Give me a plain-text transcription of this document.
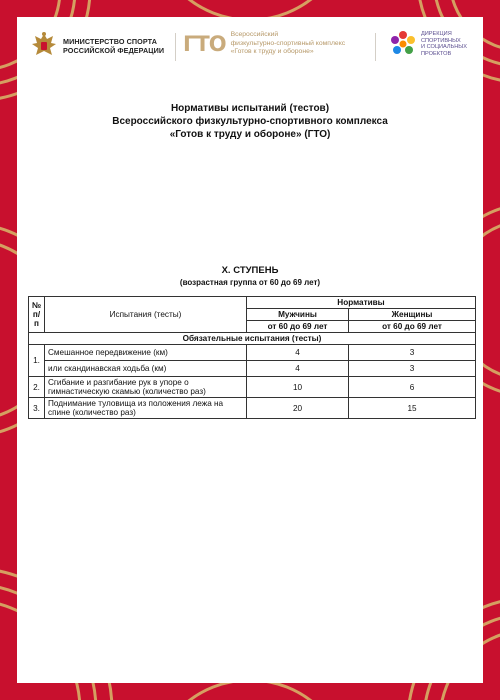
МИНИСТЕРСТВО СПОРТА
РОССИЙСКОЙ ФЕДЕРАЦИИ ГТО Всероссийский
физкультурно-спортивный комплекс
«Готов к труду и обороне»
ДИРЕКЦИЯ
СПОРТИВНЫХ
И СОЦИАЛЬНЫХ
ПРОЕКТОВ
Нормативы испытаний (тестов)
Всероссийского физкультурно-спортивного комплекса
«Готов к труду и обороне» (ГТО)
X. СТУПЕНЬ
(возрастная группа от 60 до 69 лет)
№ п/п	Испытания (тесты)	Нормативы	
		Мужчины	Женщины
		от 60 до 69 лет	от 60 до 69 лет
Обязательные испытания (тесты)			
1.	Смешанное передвижение (км)	4	3
	или скандинавская ходьба (км)	4	3
2.	Сгибание и разгибание рук в упоре о гимнастическую скамью (количество раз)	10	6
3.	Поднимание туловища из положения лежа на спине (количество раз)	20	15
